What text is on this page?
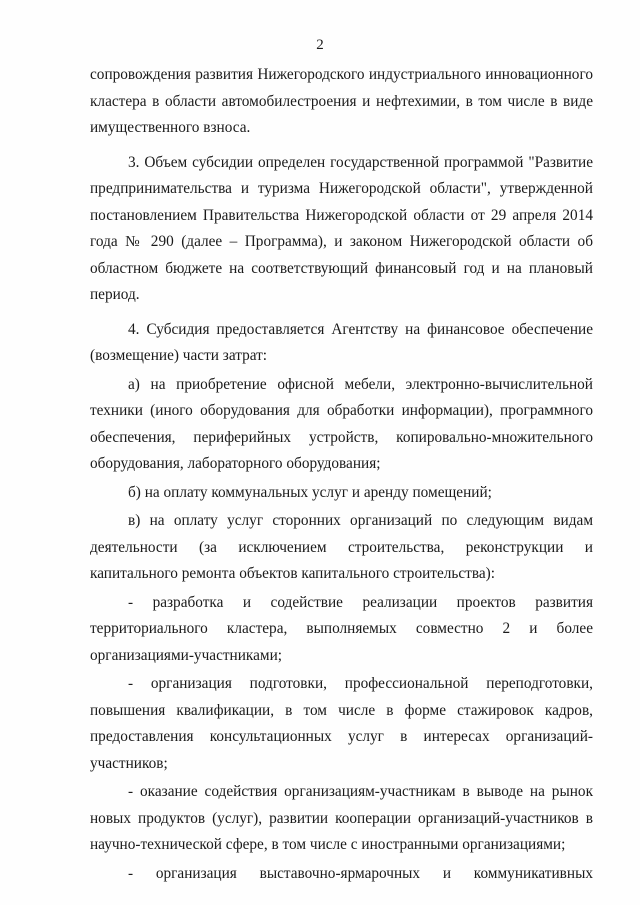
2

сопровождения развития Нижегородского индустриального инновационного кластера в области автомобилестроения и нефтехимии, в том числе в виде имущественного взноса.

3. Объем субсидии определен государственной программой "Развитие предпринимательства и туризма Нижегородской области", утвержденной постановлением Правительства Нижегородской области от 29 апреля 2014 года № 290 (далее – Программа), и законом Нижегородской области об областном бюджете на соответствующий финансовый год и на плановый период.

4. Субсидия предоставляется Агентству на финансовое обеспечение (возмещение) части затрат:

а) на приобретение офисной мебели, электронно-вычислительной техники (иного оборудования для обработки информации), программного обеспечения, периферийных устройств, копировально-множительного оборудования, лабораторного оборудования;

б) на оплату коммунальных услуг и аренду помещений;

в) на оплату услуг сторонних организаций по следующим видам деятельности (за исключением строительства, реконструкции и капитального ремонта объектов капитального строительства):

- разработка и содействие реализации проектов развития территориального кластера, выполняемых совместно 2 и более организациями-участниками;

- организация подготовки, профессиональной переподготовки, повышения квалификации, в том числе в форме стажировок кадров, предоставления консультационных услуг в интересах организаций-участников;

- оказание содействия организациям-участникам в выводе на рынок новых продуктов (услуг), развитии кооперации организаций-участников в научно-технической сфере, в том числе с иностранными организациями;

- организация выставочно-ярмарочных и коммуникативных
